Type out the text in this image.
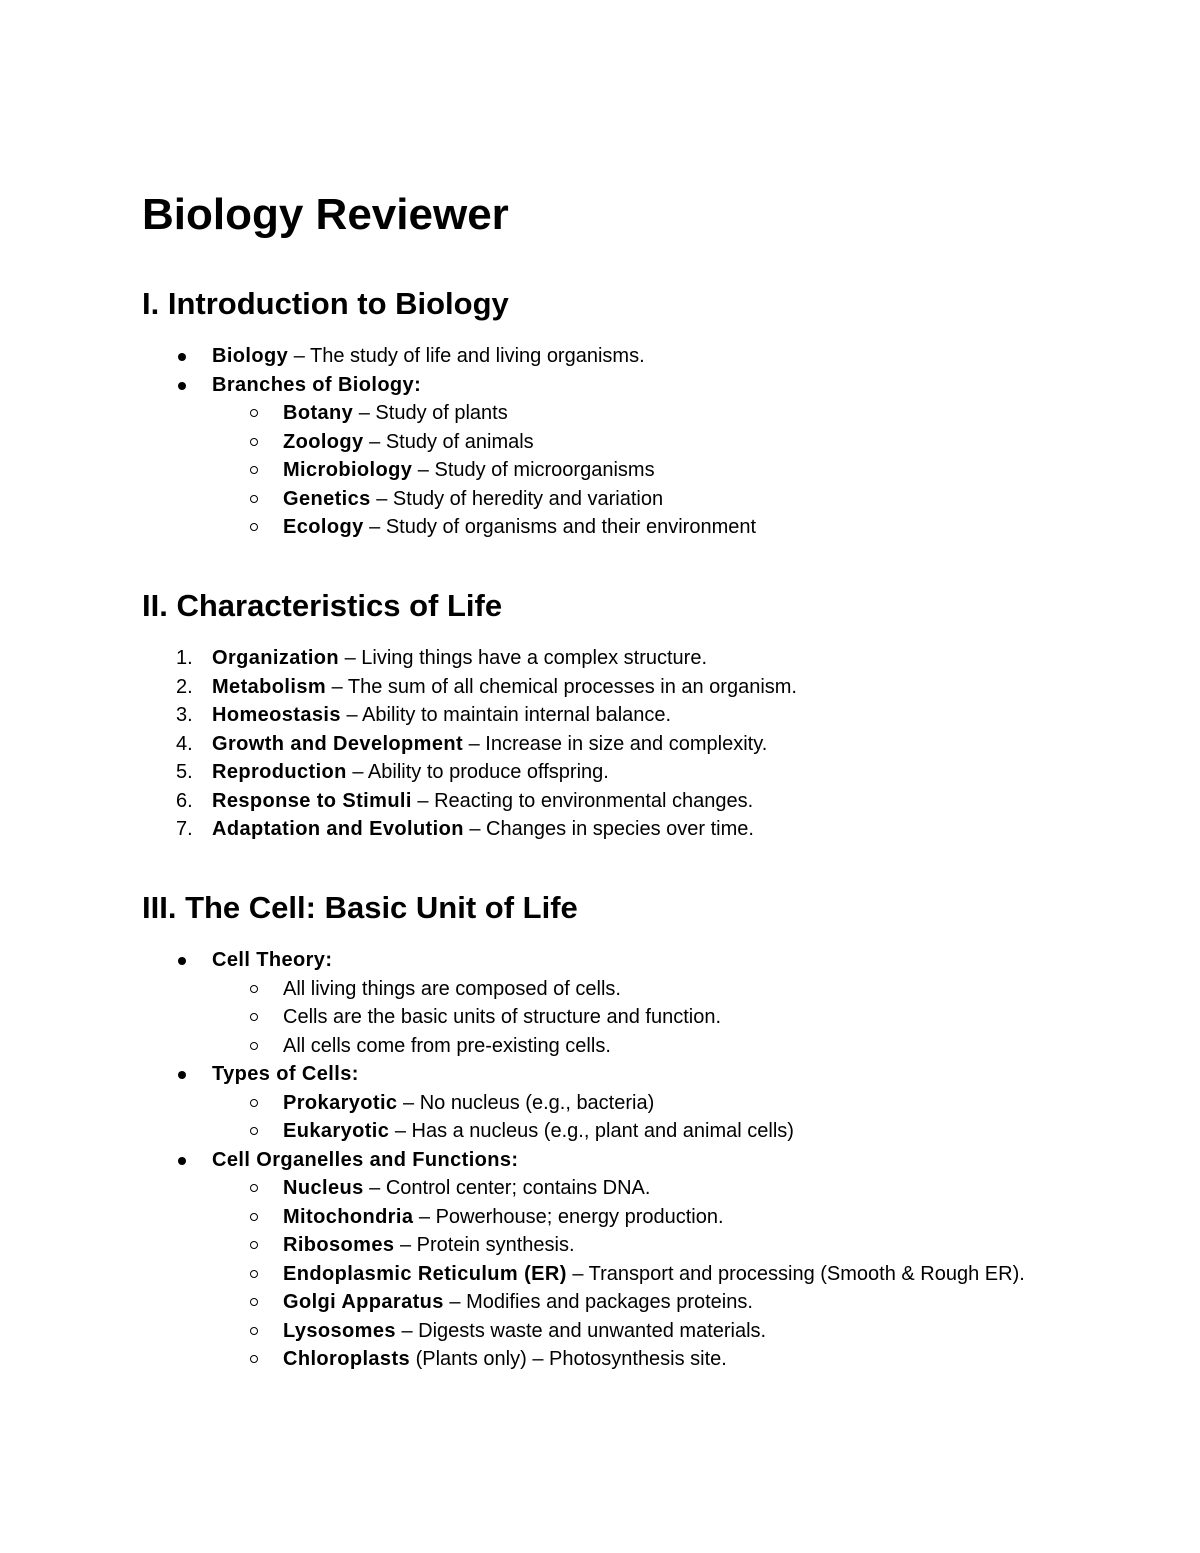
Biology Reviewer
I. Introduction to Biology
Biology – The study of life and living organisms.
Branches of Biology:
Botany – Study of plants
Zoology – Study of animals
Microbiology – Study of microorganisms
Genetics – Study of heredity and variation
Ecology – Study of organisms and their environment
II. Characteristics of Life
1. Organization – Living things have a complex structure.
2. Metabolism – The sum of all chemical processes in an organism.
3. Homeostasis – Ability to maintain internal balance.
4. Growth and Development – Increase in size and complexity.
5. Reproduction – Ability to produce offspring.
6. Response to Stimuli – Reacting to environmental changes.
7. Adaptation and Evolution – Changes in species over time.
III. The Cell: Basic Unit of Life
Cell Theory:
All living things are composed of cells.
Cells are the basic units of structure and function.
All cells come from pre-existing cells.
Types of Cells:
Prokaryotic – No nucleus (e.g., bacteria)
Eukaryotic – Has a nucleus (e.g., plant and animal cells)
Cell Organelles and Functions:
Nucleus – Control center; contains DNA.
Mitochondria – Powerhouse; energy production.
Ribosomes – Protein synthesis.
Endoplasmic Reticulum (ER) – Transport and processing (Smooth & Rough ER).
Golgi Apparatus – Modifies and packages proteins.
Lysosomes – Digests waste and unwanted materials.
Chloroplasts (Plants only) – Photosynthesis site.
